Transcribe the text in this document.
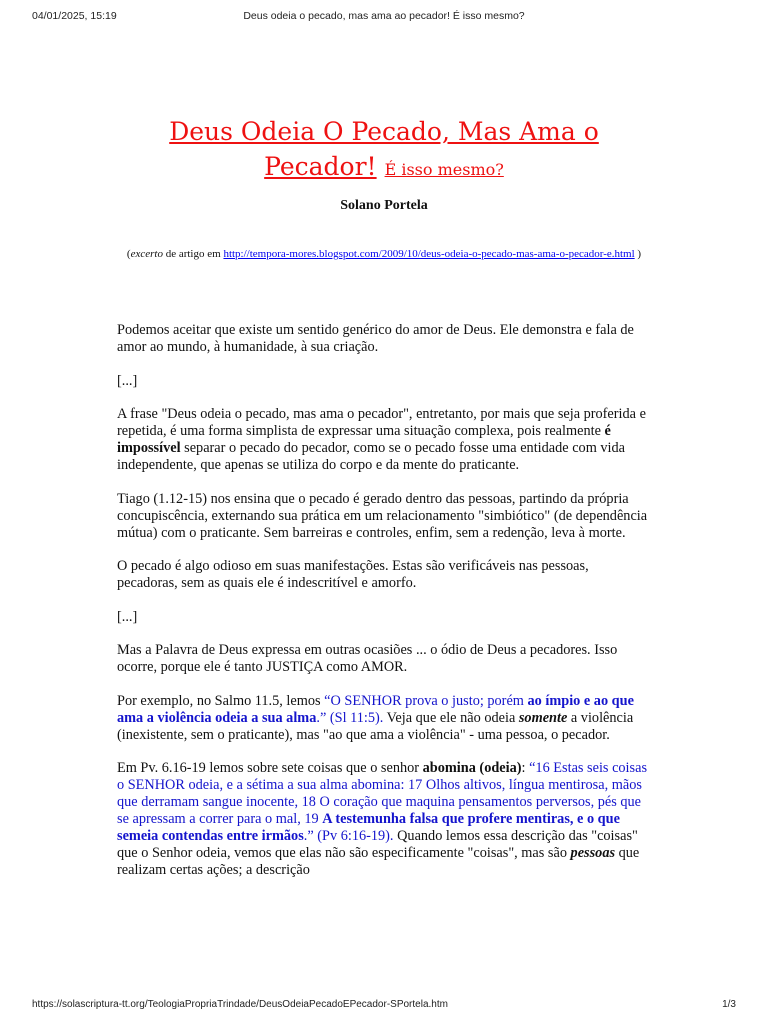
04/01/2025, 15:19	Deus odeia o pecado, mas ama ao pecador! É isso mesmo?
Deus Odeia O Pecado, Mas Ama o Pecador! É isso mesmo?
Solano Portela
(excerto de artigo em http://tempora-mores.blogspot.com/2009/10/deus-odeia-o-pecado-mas-ama-o-pecador-e.html )

Podemos aceitar que existe um sentido genérico do amor de Deus. Ele demonstra e fala de amor ao mundo, à humanidade, à sua criação.

[...]

A frase "Deus odeia o pecado, mas ama o pecador", entretanto, por mais que seja proferida e repetida, é uma forma simplista de expressar uma situação complexa, pois realmente é impossível separar o pecado do pecador, como se o pecado fosse uma entidade com vida independente, que apenas se utiliza do corpo e da mente do praticante.

Tiago (1.12-15) nos ensina que o pecado é gerado dentro das pessoas, partindo da própria concupiscência, externando sua prática em um relacionamento "simbiótico" (de dependência mútua) com o praticante. Sem barreiras e controles, enfim, sem a redenção, leva à morte.

O pecado é algo odioso em suas manifestações. Estas são verificáveis nas pessoas, pecadoras, sem as quais ele é indescritível e amorfo.

[...]

Mas a Palavra de Deus expressa em outras ocasiões ... o ódio de Deus a pecadores. Isso ocorre, porque ele é tanto JUSTIÇA como AMOR.

Por exemplo, no Salmo 11.5, lemos “O SENHOR prova o justo; porém ao ímpio e ao que ama a violência odeia a sua alma.” (Sl 11:5). Veja que ele não odeia somente a violência (inexistente, sem o praticante), mas "ao que ama a violência" - uma pessoa, o pecador.

Em Pv. 6.16-19 lemos sobre sete coisas que o senhor abomina (odeia): “16 Estas seis coisas o SENHOR odeia, e a sétima a sua alma abomina: 17 Olhos altivos, língua mentirosa, mãos que derramam sangue inocente, 18 O coração que maquina pensamentos perversos, pés que se apressam a correr para o mal, 19 A testemunha falsa que profere mentiras, e o que semeia contendas entre irmãos.” (Pv 6:16-19). Quando lemos essa descrição das "coisas" que o Senhor odeia, vemos que elas não são especificamente "coisas", mas são pessoas que realizam certas ações; a descrição

https://solascriptura-tt.org/TeologiaPropriaTrindade/DeusOdeiaPecadoEPecador-SPortela.htm	1/3
